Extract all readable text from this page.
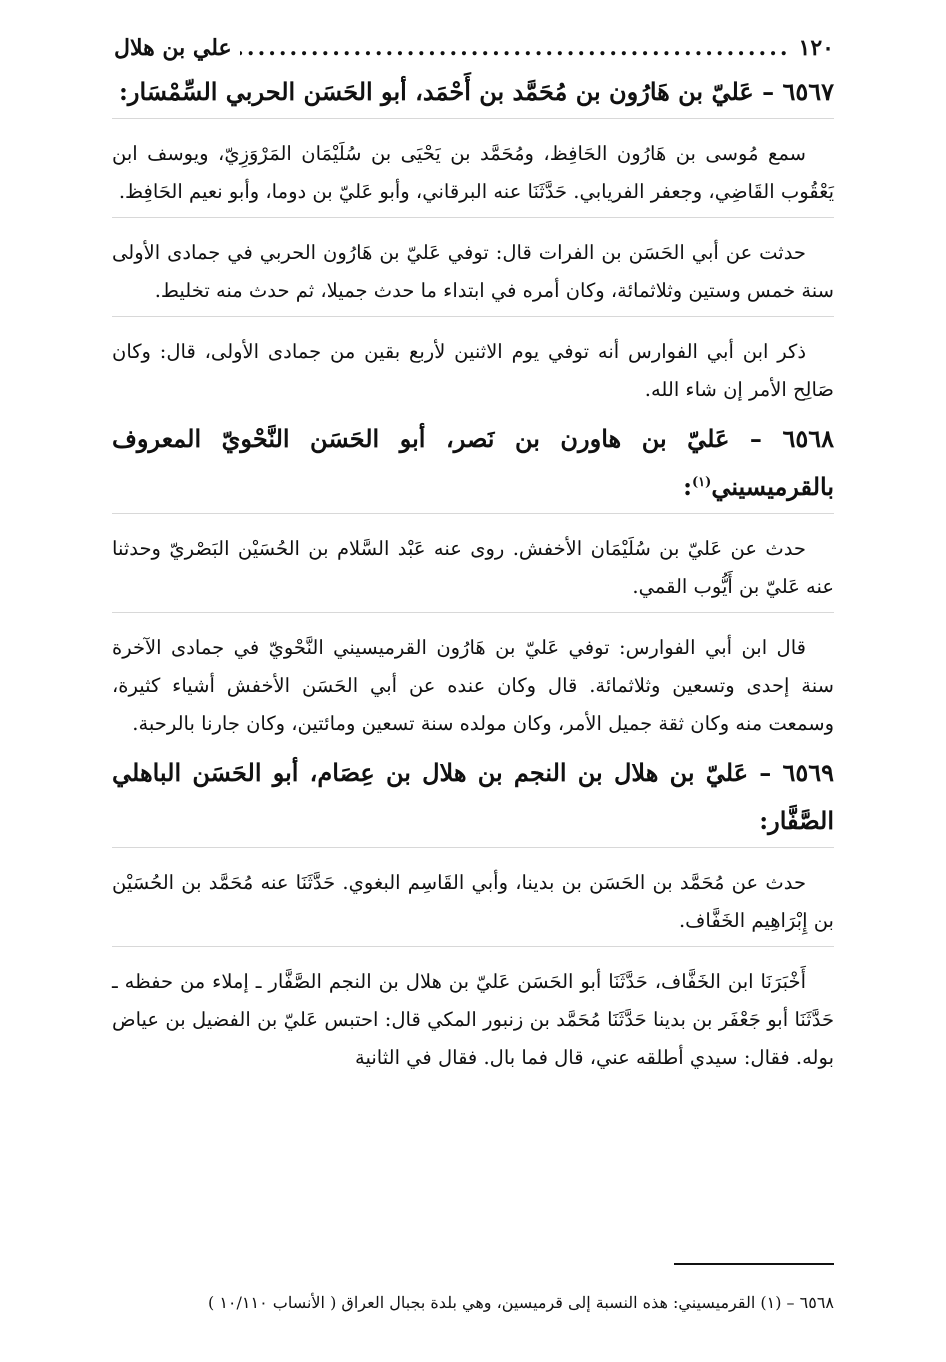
١٢٠
.....
علي بن هلال
٦٥٦٧ – عَليّ بن هَارُون بن مُحَمَّد بن أَحْمَد، أبو الحَسَن الحربي السِّمْسَار:

سمع مُوسى بن هَارُون الحَافِظ، ومُحَمَّد بن يَحْيَى بن سُلَيْمَان المَرْوَزِيّ، ويوسف ابن يَعْقُوب القَاضِي، وجعفر الفريابي. حَدَّثَنَا عنه البرقاني، وأبو عَليّ بن دوما، وأبو نعيم الحَافِظ.

حدثت عن أبي الحَسَن بن الفرات قال: توفي عَليّ بن هَارُون الحربي في جمادى الأولى سنة خمس وستين وثلاثمائة، وكان أمره في ابتداء ما حدث جميلا، ثم حدث منه تخليط.

ذكر ابن أبي الفوارس أنه توفي يوم الاثنين لأربع بقين من جمادى الأولى، قال: وكان صَالِح الأمر إن شاء الله.

٦٥٦٨ – عَليّ بن هاورن بن نَصر، أبو الحَسَن النَّحْويّ المعروف بالقرميسيني$^{(١)}$:

حدث عن عَليّ بن سُلَيْمَان الأخفش. روى عنه عَبْد السَّلام بن الحُسَيْن البَصْريّ وحدثنا عنه عَليّ بن أَيُّوب القمي.

قال ابن أبي الفوارس: توفي عَليّ بن هَارُون القرميسيني النَّحْويّ في جمادى الآخرة سنة إحدى وتسعين وثلاثمائة. قال وكان عنده عن أبي الحَسَن الأخفش أشياء كثيرة، وسمعت منه وكان ثقة جميل الأمر، وكان مولده سنة تسعين ومائتين، وكان جارنا بالرحبة.

٦٥٦٩ – عَليّ بن هلال بن النجم بن هلال بن عِصَام، أبو الحَسَن الباهلي الصَّفَّار:

حدث عن مُحَمَّد بن الحَسَن بن بدينا، وأبي القَاسِم البغوي. حَدَّثَنَا عنه مُحَمَّد بن الحُسَيْن بن إِبْرَاهِيم الخَفَّاف.

أَخْبَرَنَا ابن الخَفَّاف، حَدَّثَنَا أبو الحَسَن عَليّ بن هلال بن النجم الصَّفَّار ـ إملاء من حفظه ـ حَدَّثَنَا أبو جَعْفَر بن بدينا حَدَّثَنَا مُحَمَّد بن زنبور المكي قال: احتبس عَليّ بن الفضيل بن عياض بوله. فقال: سيدي أطلقه عني، قال فما بال. فقال في الثانية

٦٥٦٨ – (١) القرميسيني: هذه النسبة إلى قرميسين، وهي بلدة بجبال العراق ( الأنساب ١٠/١١٠ )
